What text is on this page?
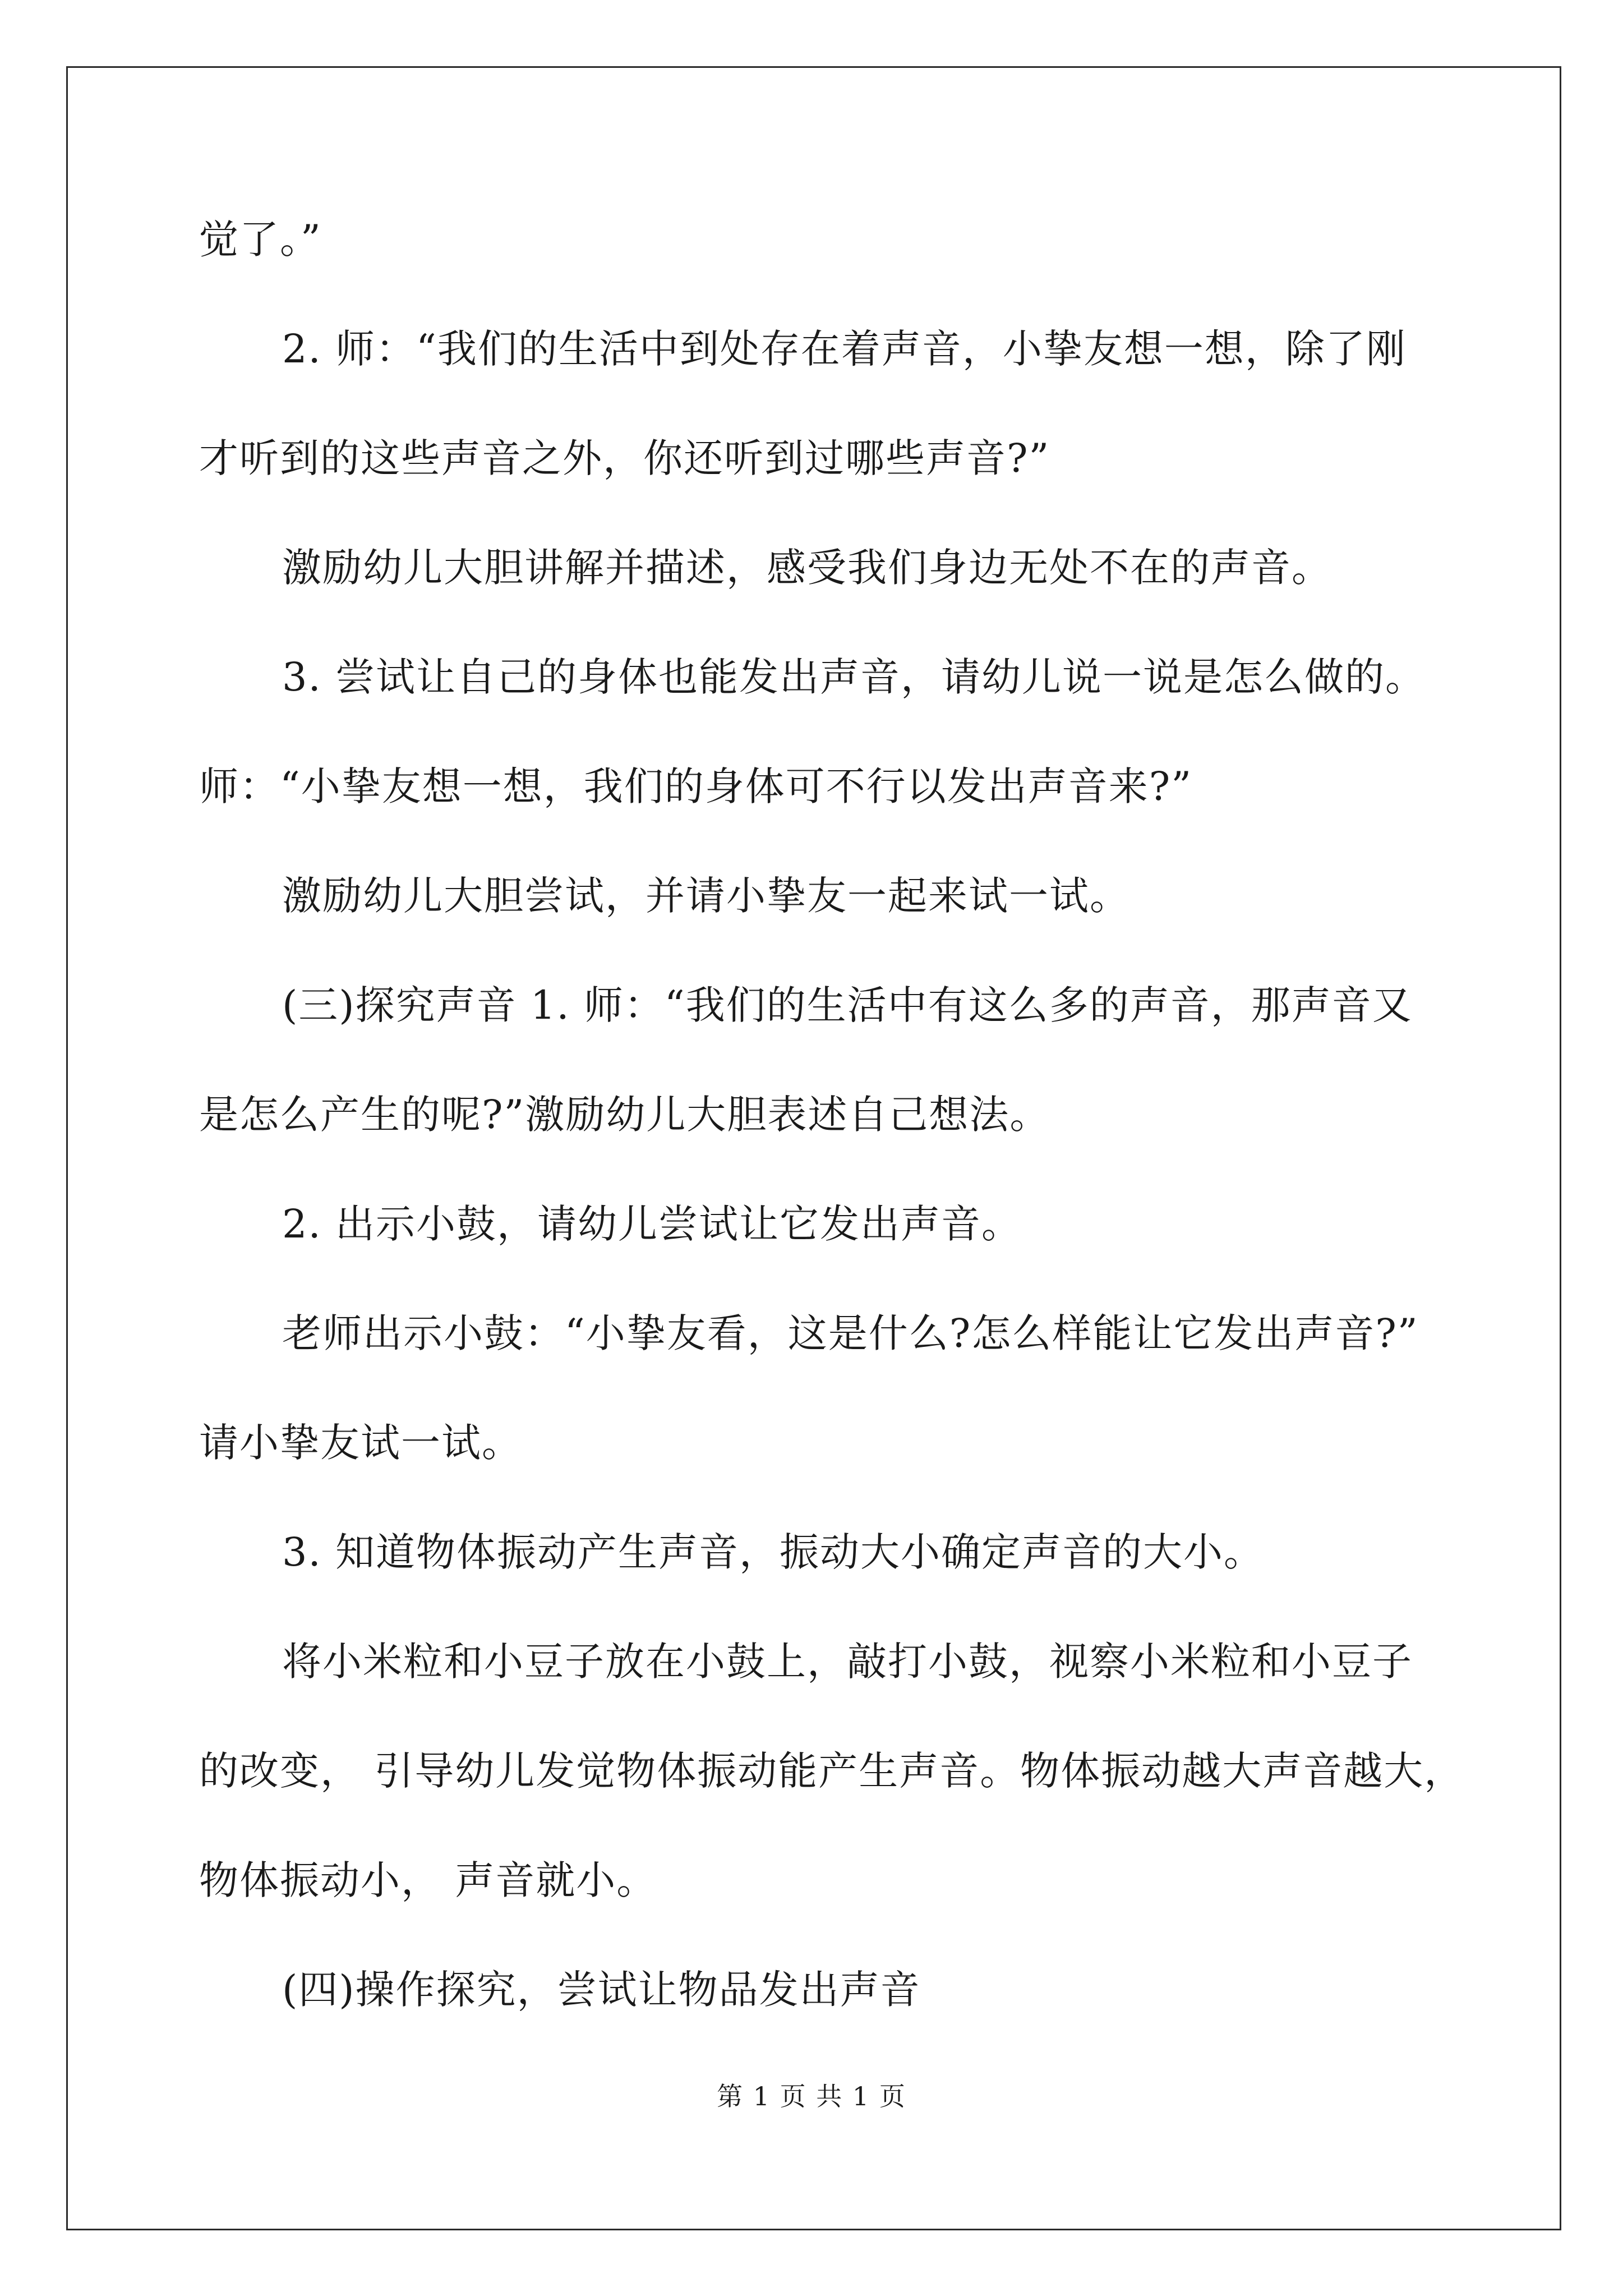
觉了。”
2. 师：“我们的生活中到处存在着声音，小挚友想一想，除了刚
才听到的这些声音之外，你还听到过哪些声音?”
激励幼儿大胆讲解并描述，感受我们身边无处不在的声音。
3. 尝试让自己的身体也能发出声音，请幼儿说一说是怎么做的。
师：“小挚友想一想，我们的身体可不行以发出声音来?”
激励幼儿大胆尝试，并请小挚友一起来试一试。
(三)探究声音 1. 师：“我们的生活中有这么多的声音，那声音又
是怎么产生的呢?”激励幼儿大胆表述自己想法。
2. 出示小鼓，请幼儿尝试让它发出声音。
老师出示小鼓：“小挚友看，这是什么?怎么样能让它发出声音?”
请小挚友试一试。
3. 知道物体振动产生声音，振动大小确定声音的大小。
将小米粒和小豆子放在小鼓上，敲打小鼓，视察小米粒和小豆子
的改变， 引导幼儿发觉物体振动能产生声音。物体振动越大声音越大，
物体振动小， 声音就小。
(四)操作探究，尝试让物品发出声音
第 1 页 共 1 页
